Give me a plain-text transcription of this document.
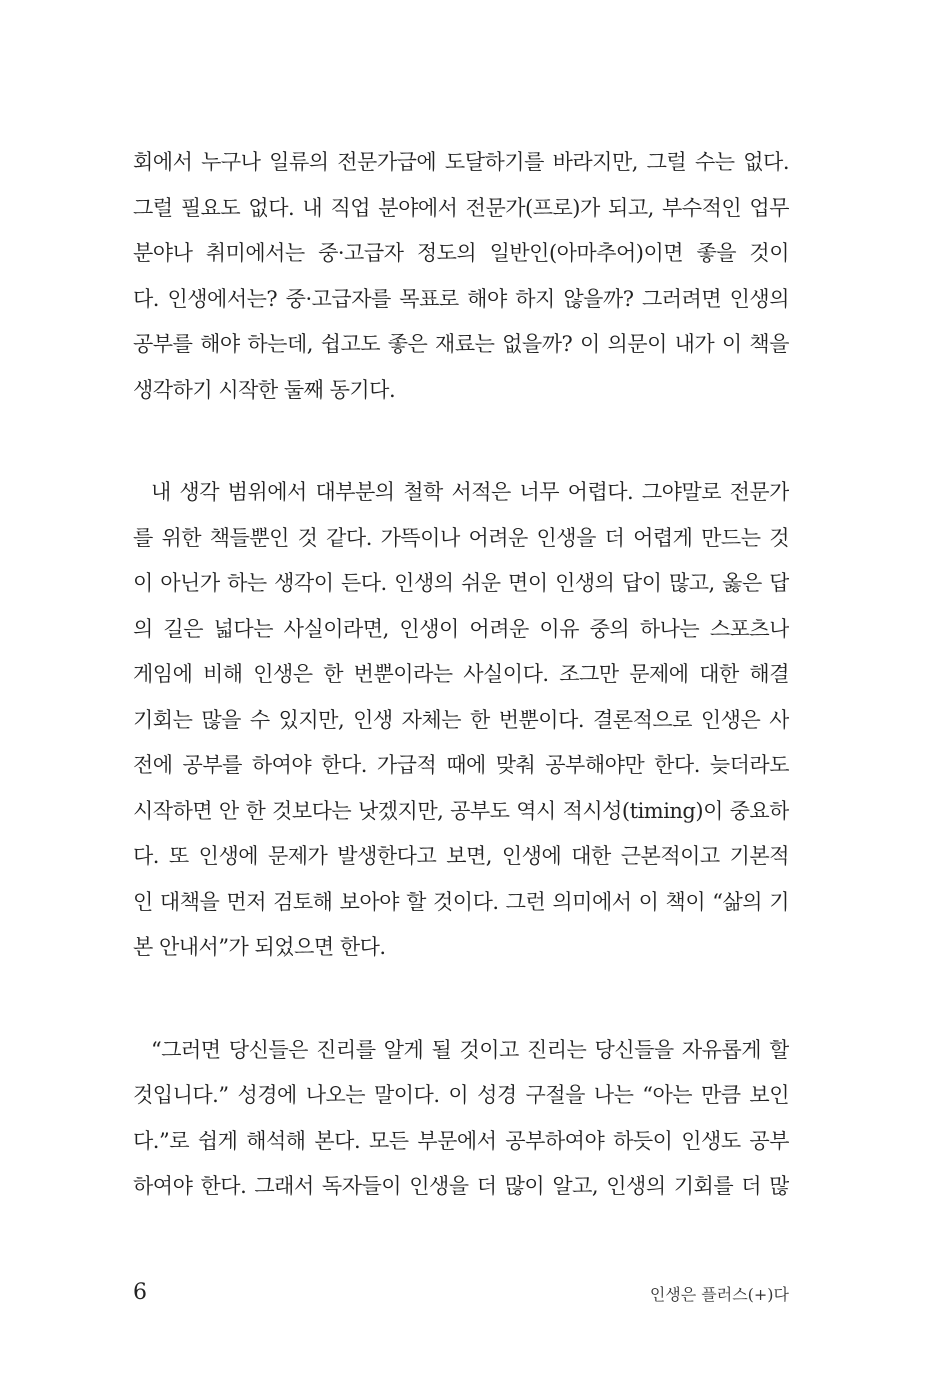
회에서 누구나 일류의 전문가급에 도달하기를 바라지만, 그럴 수는 없다.
그럴 필요도 없다. 내 직업 분야에서 전문가(프로)가 되고, 부수적인 업무
분야나 취미에서는 중·고급자 정도의 일반인(아마추어)이면 좋을 것이
다. 인생에서는? 중·고급자를 목표로 해야 하지 않을까? 그러려면 인생의
공부를 해야 하는데, 쉽고도 좋은 재료는 없을까? 이 의문이 내가 이 책을
생각하기 시작한 둘째 동기다.

내 생각 범위에서 대부분의 철학 서적은 너무 어렵다. 그야말로 전문가
를 위한 책들뿐인 것 같다. 가뜩이나 어려운 인생을 더 어렵게 만드는 것
이 아닌가 하는 생각이 든다. 인생의 쉬운 면이 인생의 답이 많고, 옳은 답
의 길은 넓다는 사실이라면, 인생이 어려운 이유 중의 하나는 스포츠나
게임에 비해 인생은 한 번뿐이라는 사실이다. 조그만 문제에 대한 해결
기회는 많을 수 있지만, 인생 자체는 한 번뿐이다. 결론적으로 인생은 사
전에 공부를 하여야 한다. 가급적 때에 맞춰 공부해야만 한다. 늦더라도
시작하면 안 한 것보다는 낫겠지만, 공부도 역시 적시성(timing)이 중요하
다. 또 인생에 문제가 발생한다고 보면, 인생에 대한 근본적이고 기본적
인 대책을 먼저 검토해 보아야 할 것이다. 그런 의미에서 이 책이 “삶의 기
본 안내서”가 되었으면 한다.

“그러면 당신들은 진리를 알게 될 것이고 진리는 당신들을 자유롭게 할
것입니다.” 성경에 나오는 말이다. 이 성경 구절을 나는 “아는 만큼 보인
다.”로 쉽게 해석해 본다. 모든 부문에서 공부하여야 하듯이 인생도 공부
하여야 한다. 그래서 독자들이 인생을 더 많이 알고, 인생의 기회를 더 많

6	인생은 플러스(+)다
